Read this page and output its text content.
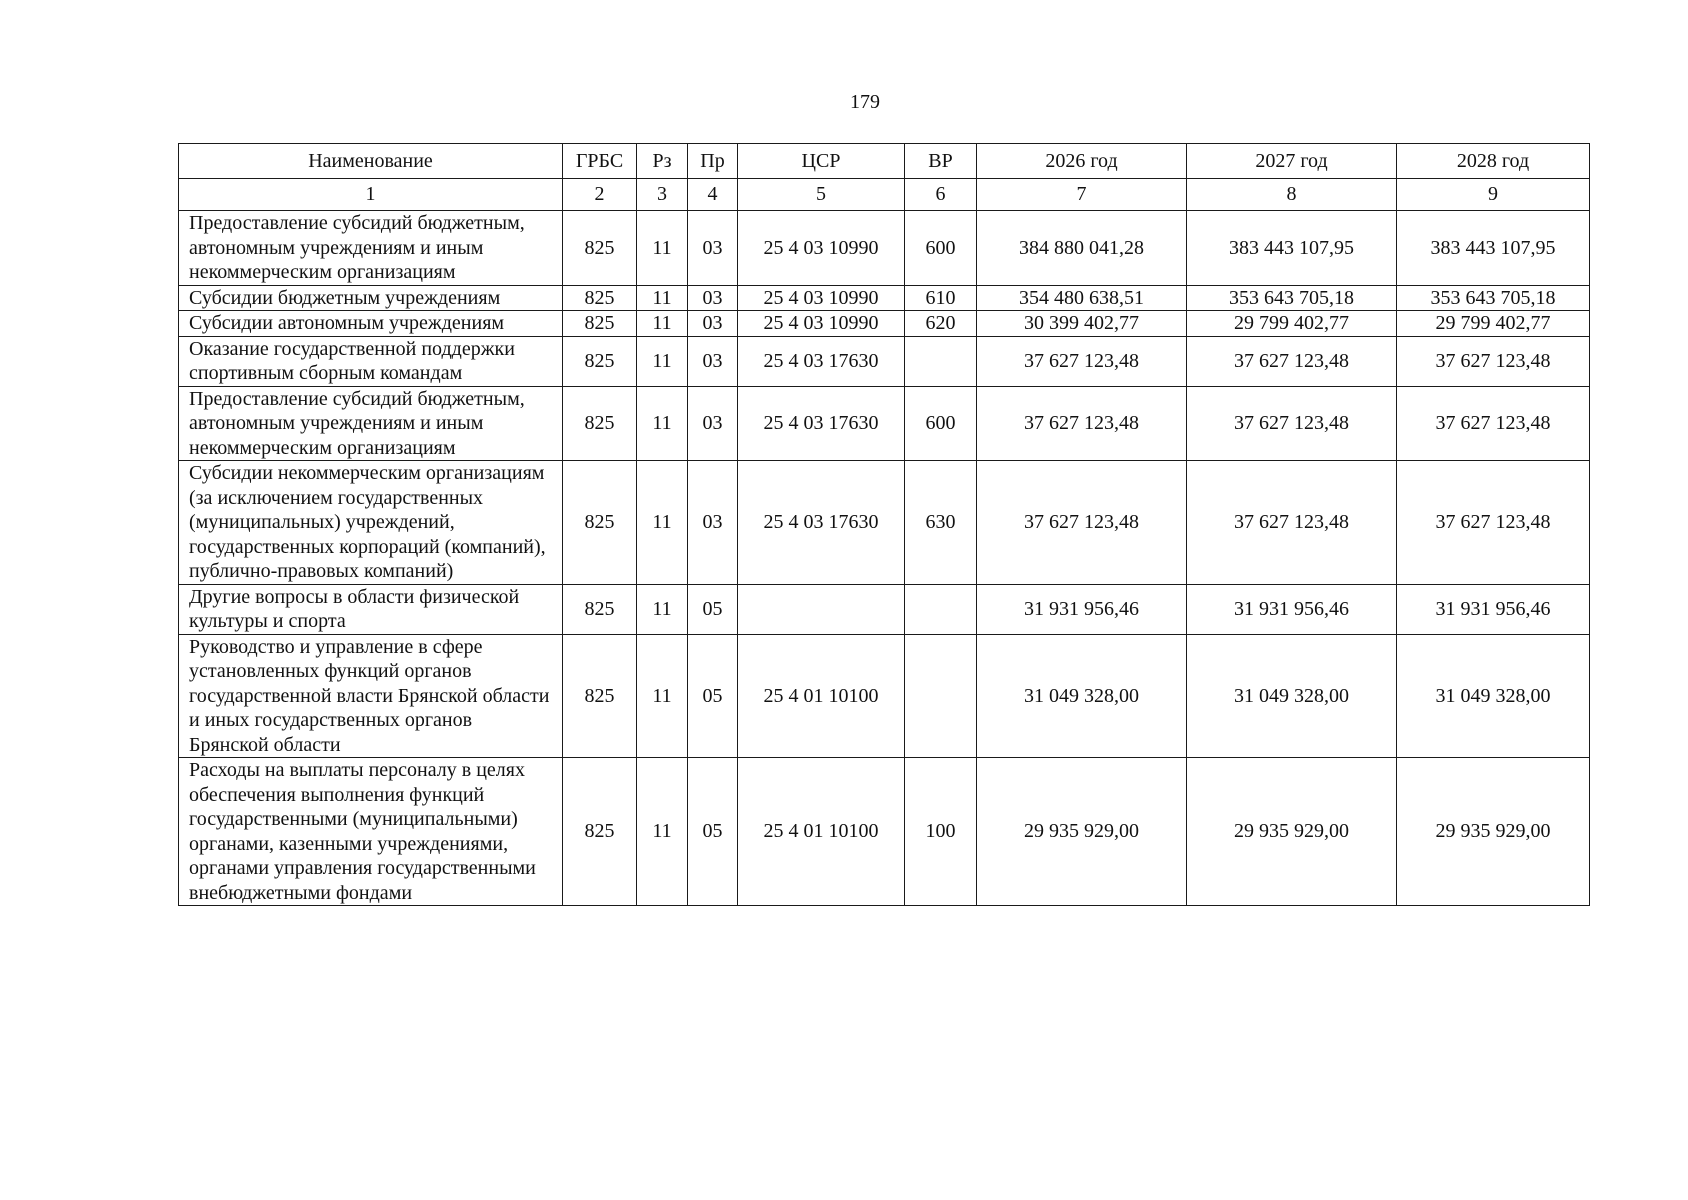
179
Наименование	ГРБС	Рз	Пр	ЦСР	ВР	2026 год	2027 год	2028 год
1	2	3	4	5	6	7	8	9
Предоставление субсидий бюджетным, автономным учреждениям и иным некоммерческим организациям	825	11	03	25 4 03 10990	600	384 880 041,28	383 443 107,95	383 443 107,95
Субсидии бюджетным учреждениям	825	11	03	25 4 03 10990	610	354 480 638,51	353 643 705,18	353 643 705,18
Субсидии автономным учреждениям	825	11	03	25 4 03 10990	620	30 399 402,77	29 799 402,77	29 799 402,77
Оказание государственной поддержки спортивным сборным командам	825	11	03	25 4 03 17630		37 627 123,48	37 627 123,48	37 627 123,48
Предоставление субсидий бюджетным, автономным учреждениям и иным некоммерческим организациям	825	11	03	25 4 03 17630	600	37 627 123,48	37 627 123,48	37 627 123,48
Субсидии некоммерческим организациям (за исключением государственных (муниципальных) учреждений, государственных корпораций (компаний), публично-правовых компаний)	825	11	03	25 4 03 17630	630	37 627 123,48	37 627 123,48	37 627 123,48
Другие вопросы в области физической культуры и спорта	825	11	05			31 931 956,46	31 931 956,46	31 931 956,46
Руководство и управление в сфере установленных функций органов государственной власти Брянской области и иных государственных органов Брянской области	825	11	05	25 4 01 10100		31 049 328,00	31 049 328,00	31 049 328,00
Расходы на выплаты персоналу в целях обеспечения выполнения функций государственными (муниципальными) органами, казенными учреждениями, органами управления государственными внебюджетными фондами	825	11	05	25 4 01 10100	100	29 935 929,00	29 935 929,00	29 935 929,00
